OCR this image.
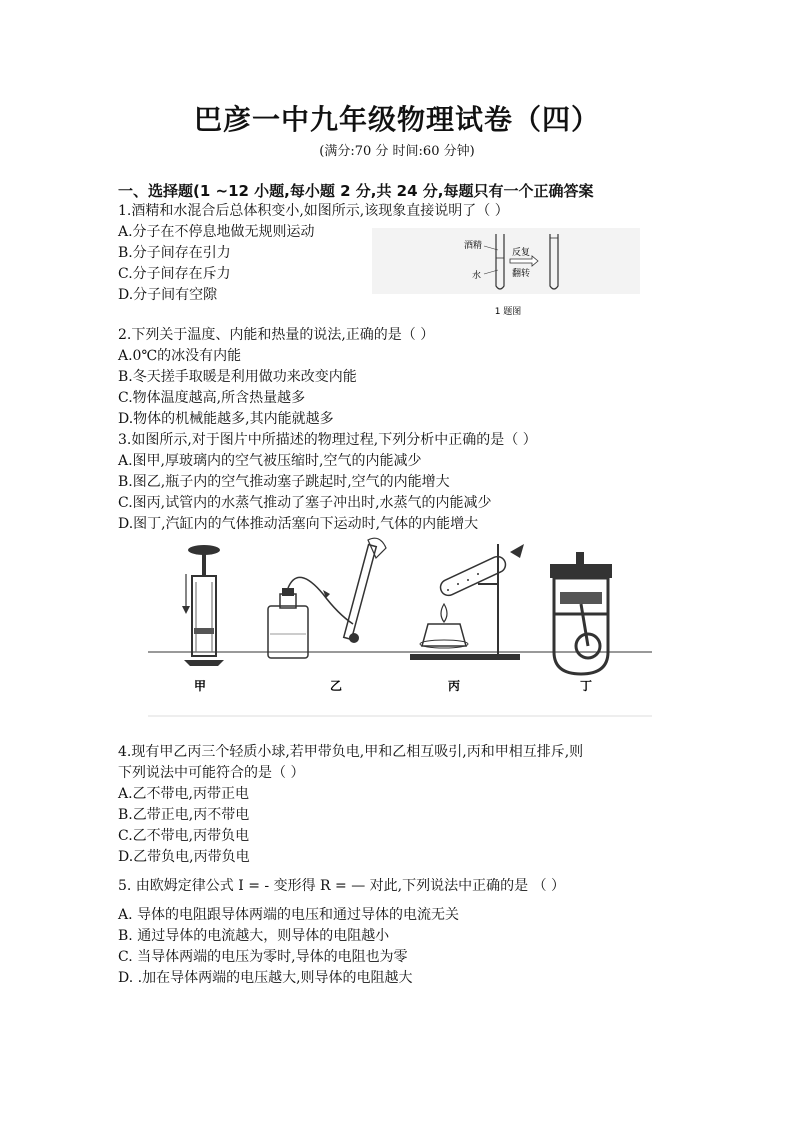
巴彦一中九年级物理试卷（四）
(满分:70 分 时间:60 分钟)
一、选择题(1 ~12 小题,每小题 2 分,共 24 分,每题只有一个正确答案
1.酒精和水混合后总体积变小,如图所示,该现象直接说明了（ ）
A.分子在不停息地做无规则运动
B.分子间存在引力
C.分子间存在斥力
D.分子间有空隙
酒精
水
反复
翻转
1 题图
2.下列关于温度、内能和热量的说法,正确的是（ ）
A.0℃的冰没有内能
B.冬天搓手取暖是利用做功来改变内能
C.物体温度越高,所含热量越多
D.物体的机械能越多,其内能就越多
3.如图所示,对于图片中所描述的物理过程,下列分析中正确的是（ ）
A.图甲,厚玻璃内的空气被压缩时,空气的内能减少
B.图乙,瓶子内的空气推动塞子跳起时,空气的内能增大
C.图丙,试管内的水蒸气推动了塞子冲出时,水蒸气的内能减少
D.图丁,汽缸内的气体推动活塞向下运动时,气体的内能增大
甲	乙	丙	丁
4.现有甲乙丙三个轻质小球,若甲带负电,甲和乙相互吸引,丙和甲相互排斥,则
下列说法中可能符合的是（ ）
A.乙不带电,丙带正电
B.乙带正电,丙不带电
C.乙不带电,丙带负电
D.乙带负电,丙带负电
5. 由欧姆定律公式 I = - 变形得 R = — 对此,下列说法中正确的是 （ ）
A. 导体的电阻跟导体两端的电压和通过导体的电流无关
B. 通过导体的电流越大，则导体的电阻越小
C. 当导体两端的电压为零时,导体的电阻也为零
D. .加在导体两端的电压越大,则导体的电阻越大
